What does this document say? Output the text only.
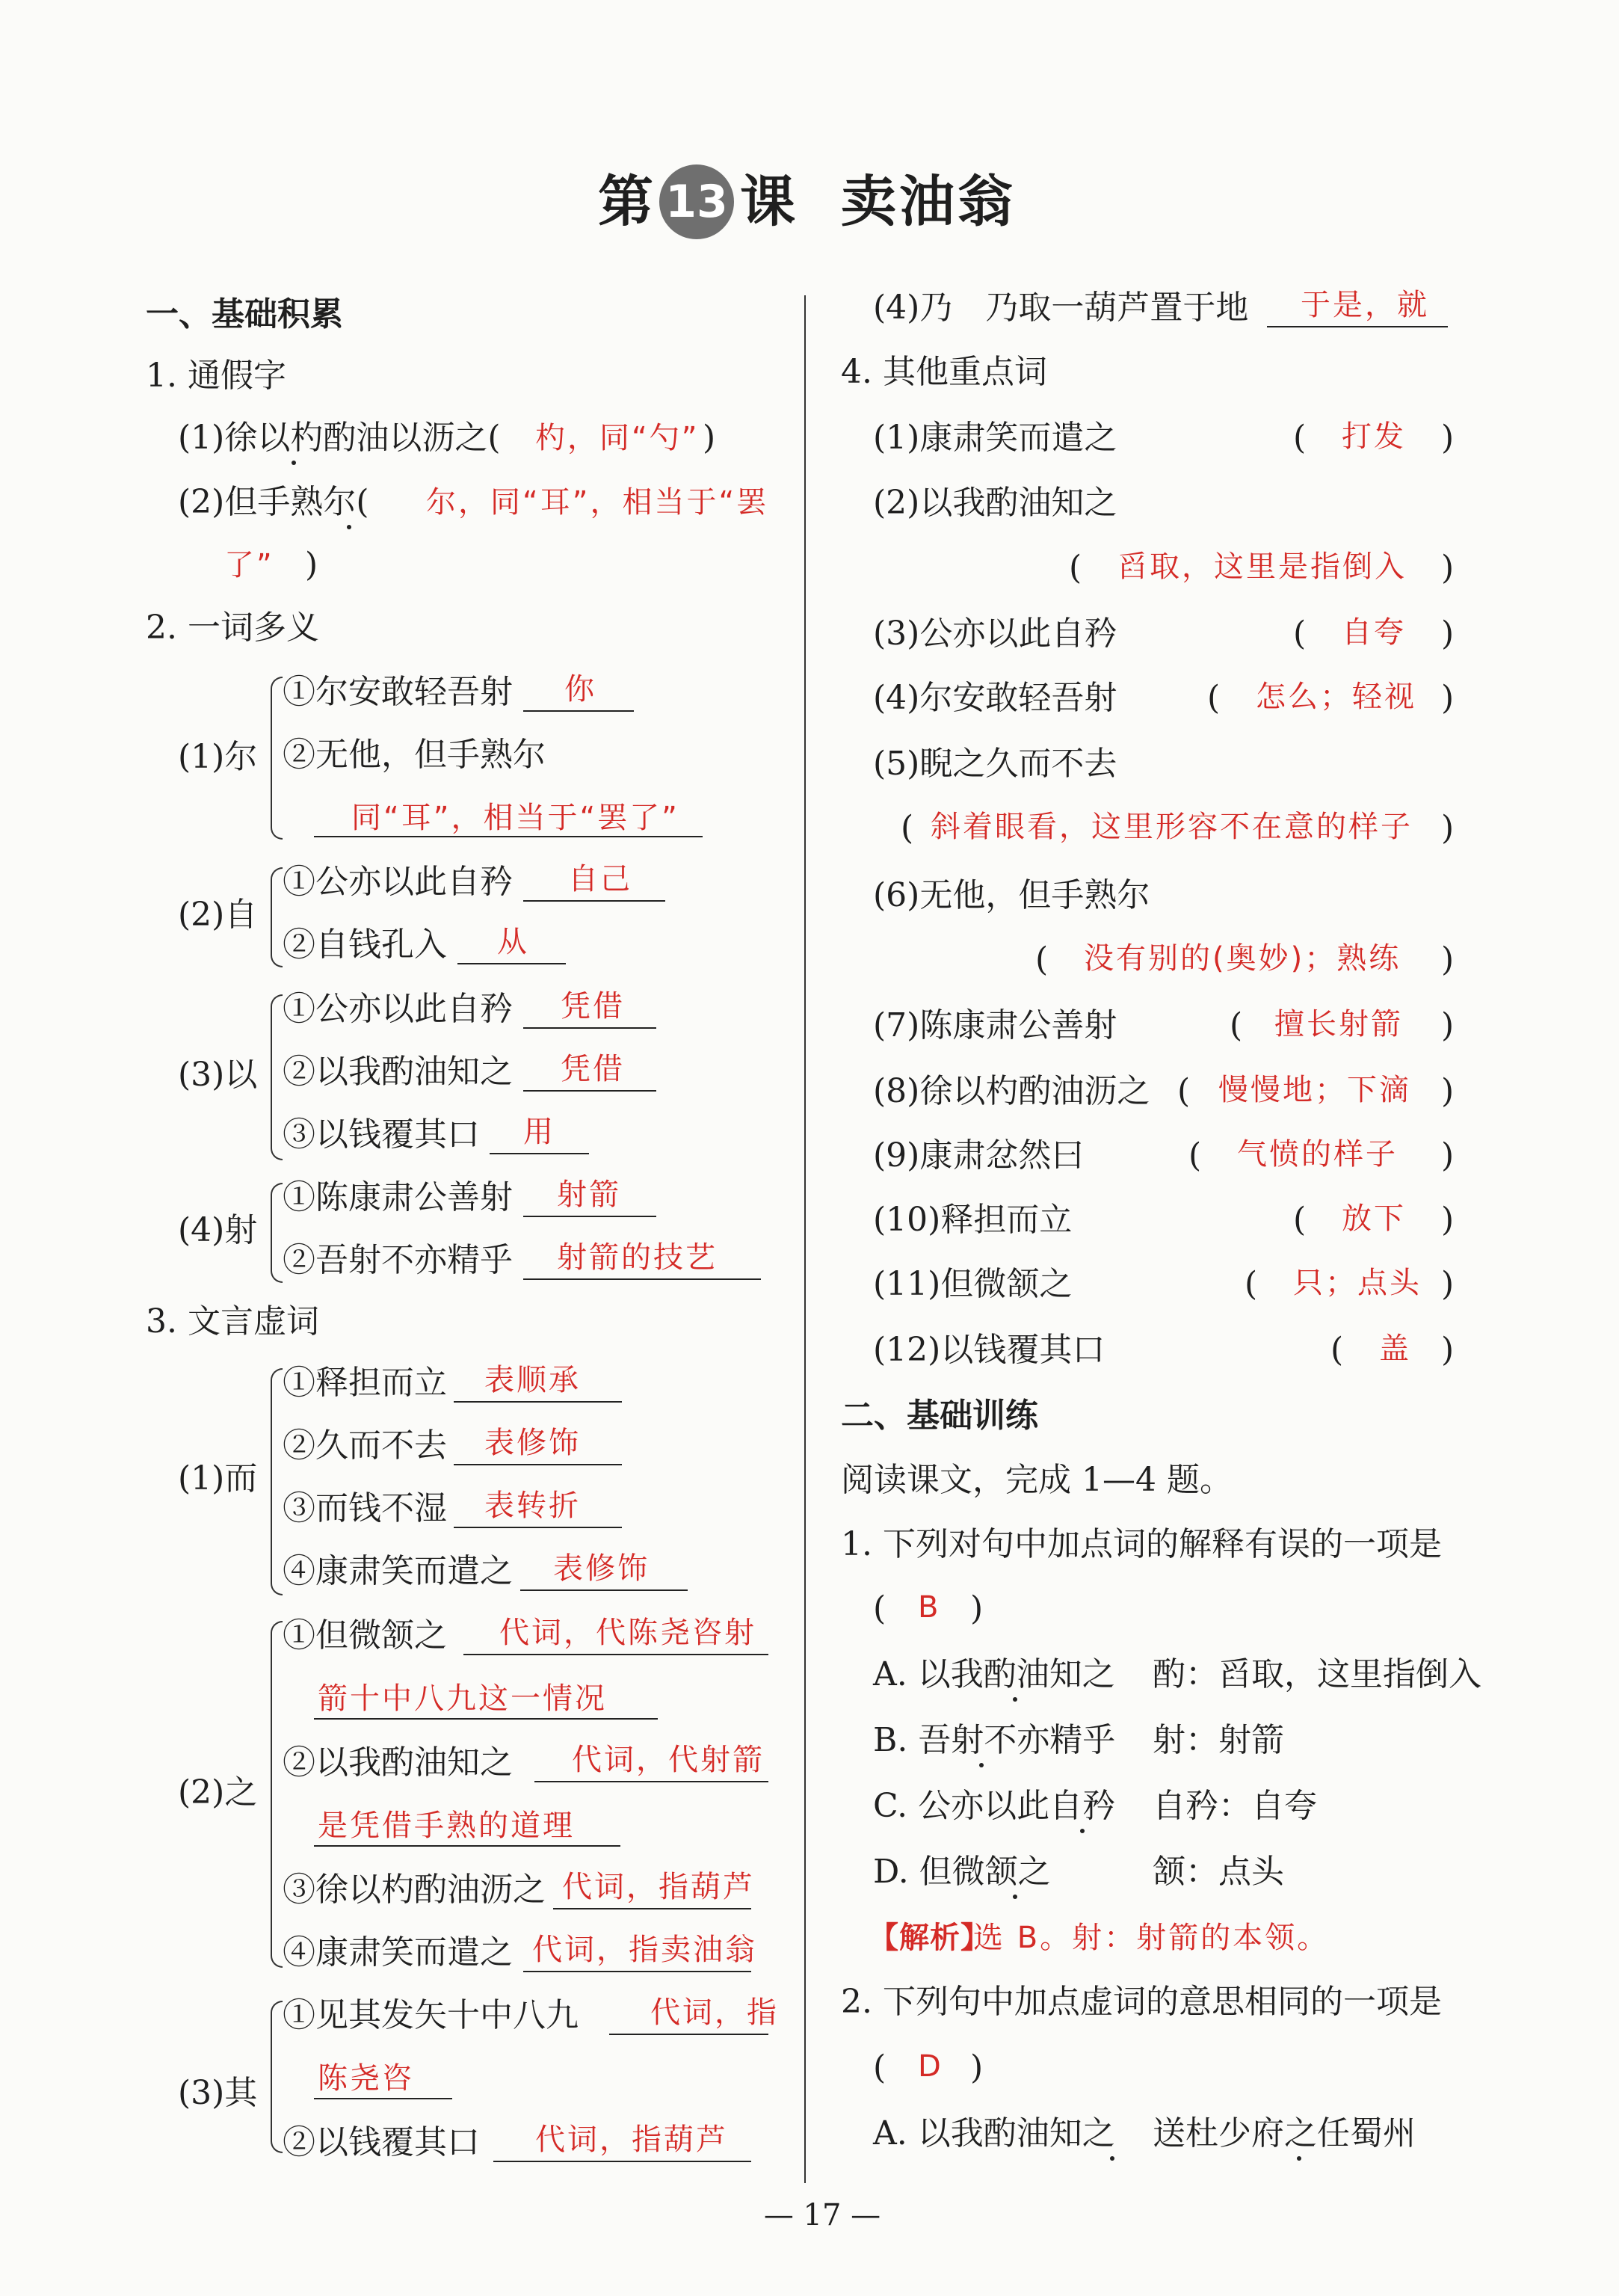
第 13 课 卖油翁
一、基础积累
1. 通假字
(1)徐以杓酌油以沥之( 杓，同“勺” )
(2)但手熟尔( 尔，同“耳”，相当于“罢
了” )
2. 一词多义
(1)尔
①尔安敢轻吾射 你
②无他，但手熟尔
同“耳”，相当于“罢了”
(2)自
①公亦以此自矜 自己
②自钱孔入 从
(3)以
①公亦以此自矜 凭借
②以我酌油知之 凭借
③以钱覆其口 用
(4)射
①陈康肃公善射 射箭
②吾射不亦精乎 射箭的技艺
3. 文言虚词
(1)而
①释担而立 表顺承
②久而不去 表修饰
③而钱不湿 表转折
④康肃笑而遣之 表修饰
(2)之
①但微颔之 代词，代陈尧咨射
箭十中八九这一情况
②以我酌油知之 代词，代射箭
是凭借手熟的道理
③徐以杓酌油沥之 代词，指葫芦
④康肃笑而遣之 代词，指卖油翁
(3)其
①见其发矢十中八九 代词，指
陈尧咨
②以钱覆其口 代词，指葫芦
(4)乃　乃取一葫芦置于地 于是，就
4. 其他重点词
(1)康肃笑而遣之	( 打发 )
(2)以我酌油知之
( 舀取，这里是指倒入 )
(3)公亦以此自矜	( 自夸 )
(4)尔安敢轻吾射	( 怎么；轻视 )
(5)睨之久而不去
( 斜着眼看，这里形容不在意的样子 )
(6)无他，但手熟尔
( 没有别的(奥妙)；熟练 )
(7)陈康肃公善射	( 擅长射箭 )
(8)徐以杓酌油沥之 ( 慢慢地；下滴 )
(9)康肃忿然曰	( 气愤的样子 )
(10)释担而立	( 放下 )
(11)但微颔之	( 只；点头 )
(12)以钱覆其口	( 盖 )
二、基础训练
阅读课文，完成 1—4 题。
1. 下列对句中加点词的解释有误的一项是
( B )
A. 以我酌油知之 酌：舀取，这里指倒入
B. 吾射不亦精乎 射：射箭
C. 公亦以此自矜 自矜：自夸
D. 但微颔之	颔：点头
【解析】
选 B。射：射箭的本领。
2. 下列句中加点虚词的意思相同的一项是
( D )
A. 以我酌油知之 送杜少府之任蜀州
— 17 —
